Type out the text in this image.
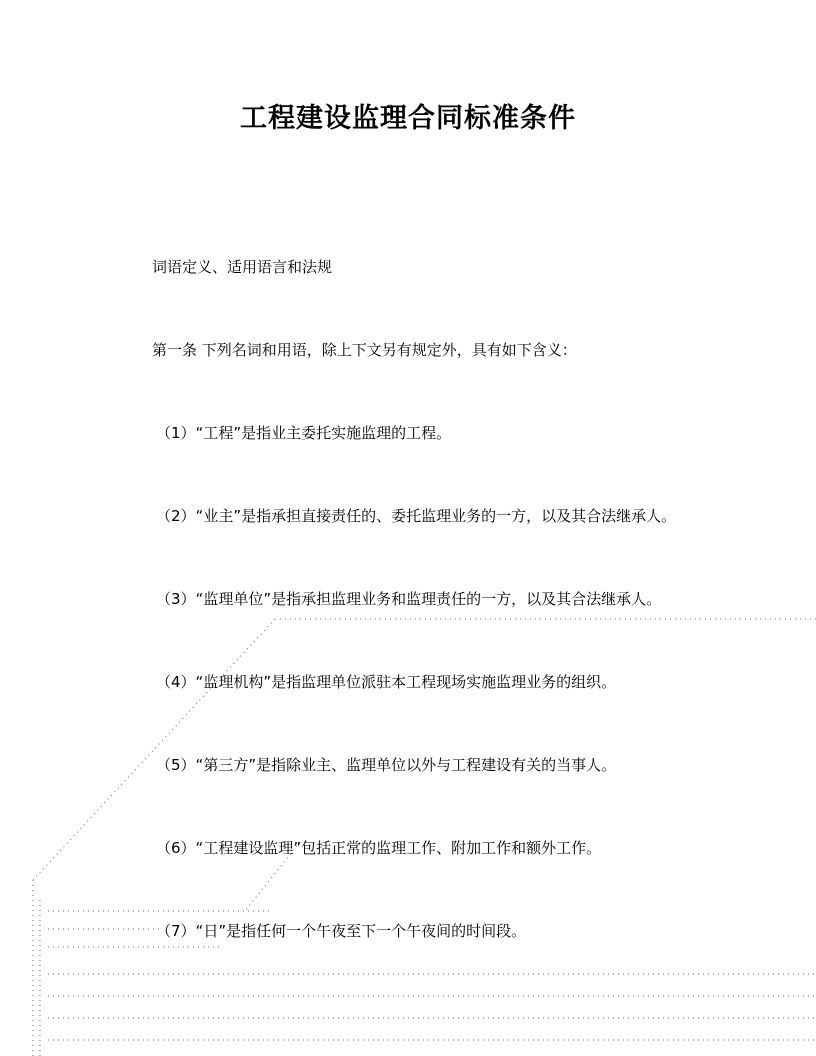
工程建设监理合同标准条件

词语定义、适用语言和法规

第一条 下列名词和用语，除上下文另有规定外，具有如下含义：

（1）“工程”是指业主委托实施监理的工程。

（2）“业主”是指承担直接责任的、委托监理业务的一方，以及其合法继承人。

（3）“监理单位”是指承担监理业务和监理责任的一方，以及其合法继承人。

（4）“监理机构”是指监理单位派驻本工程现场实施监理业务的组织。

（5）“第三方”是指除业主、监理单位以外与工程建设有关的当事人。

（6）“工程建设监理”包括正常的监理工作、附加工作和额外工作。

（7）“日”是指任何一个午夜至下一个午夜间的时间段。
